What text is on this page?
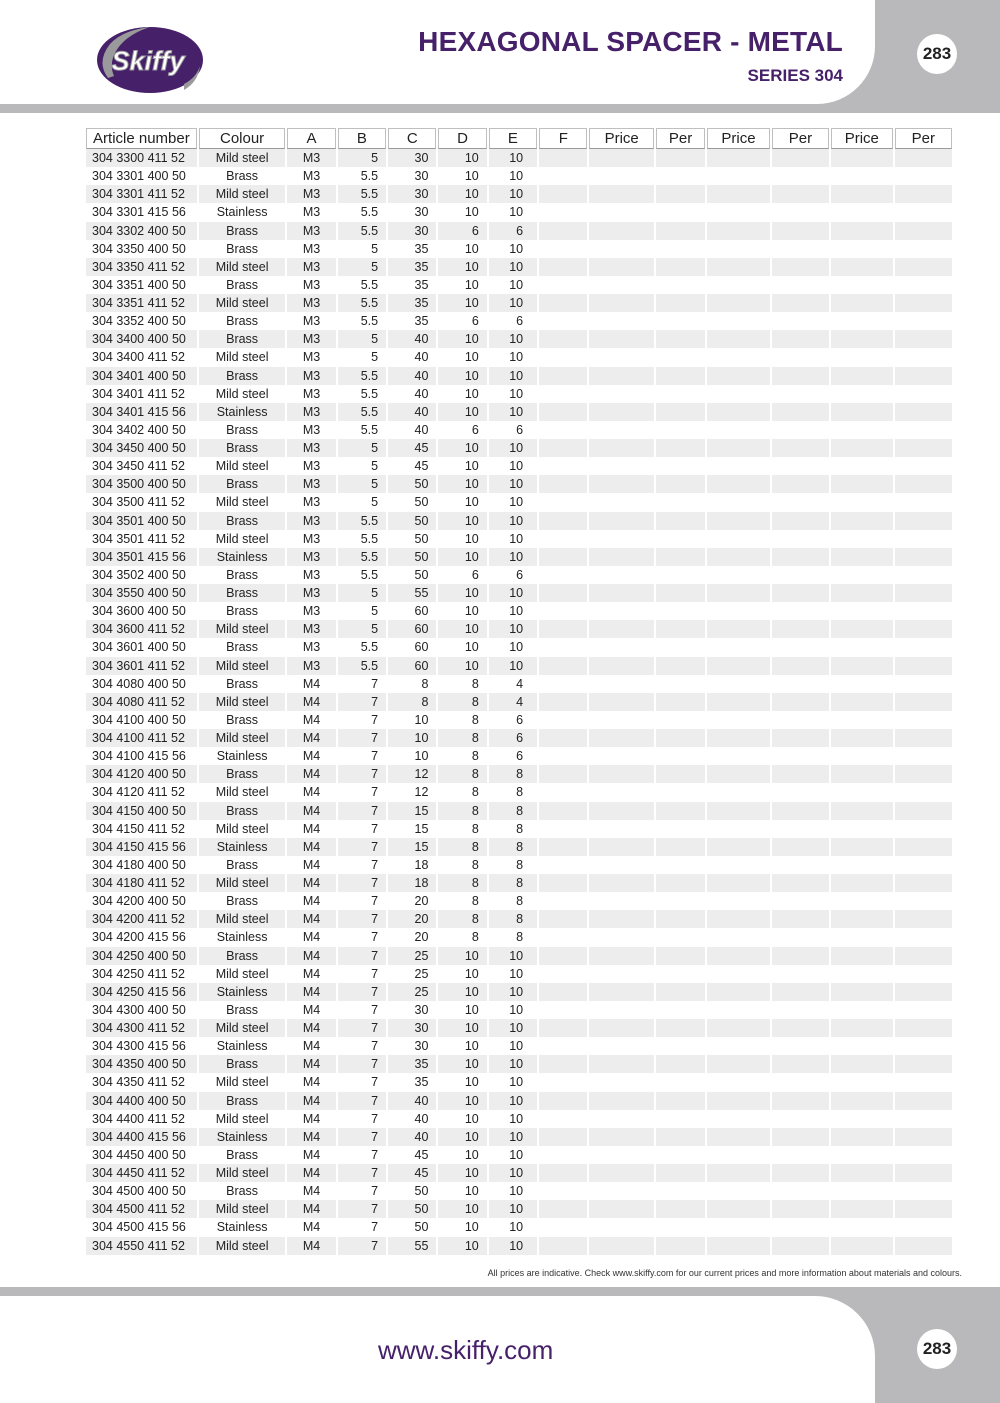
Skiffy
HEXAGONAL SPACER - METAL
SERIES 304
283
Article number	Colour	A	B	C	D	E	F	Price	Per	Price	Per	Price	Per
304 3300 411 52	Mild steel	M3	5	30	10	10							
304 3301 400 50	Brass	M3	5.5	30	10	10							
304 3301 411 52	Mild steel	M3	5.5	30	10	10							
304 3301 415 56	Stainless	M3	5.5	30	10	10							
304 3302 400 50	Brass	M3	5.5	30	6	6							
304 3350 400 50	Brass	M3	5	35	10	10							
304 3350 411 52	Mild steel	M3	5	35	10	10							
304 3351 400 50	Brass	M3	5.5	35	10	10							
304 3351 411 52	Mild steel	M3	5.5	35	10	10							
304 3352 400 50	Brass	M3	5.5	35	6	6							
304 3400 400 50	Brass	M3	5	40	10	10							
304 3400 411 52	Mild steel	M3	5	40	10	10							
304 3401 400 50	Brass	M3	5.5	40	10	10							
304 3401 411 52	Mild steel	M3	5.5	40	10	10							
304 3401 415 56	Stainless	M3	5.5	40	10	10							
304 3402 400 50	Brass	M3	5.5	40	6	6							
304 3450 400 50	Brass	M3	5	45	10	10							
304 3450 411 52	Mild steel	M3	5	45	10	10							
304 3500 400 50	Brass	M3	5	50	10	10							
304 3500 411 52	Mild steel	M3	5	50	10	10							
304 3501 400 50	Brass	M3	5.5	50	10	10							
304 3501 411 52	Mild steel	M3	5.5	50	10	10							
304 3501 415 56	Stainless	M3	5.5	50	10	10							
304 3502 400 50	Brass	M3	5.5	50	6	6							
304 3550 400 50	Brass	M3	5	55	10	10							
304 3600 400 50	Brass	M3	5	60	10	10							
304 3600 411 52	Mild steel	M3	5	60	10	10							
304 3601 400 50	Brass	M3	5.5	60	10	10							
304 3601 411 52	Mild steel	M3	5.5	60	10	10							
304 4080 400 50	Brass	M4	7	8	8	4							
304 4080 411 52	Mild steel	M4	7	8	8	4							
304 4100 400 50	Brass	M4	7	10	8	6							
304 4100 411 52	Mild steel	M4	7	10	8	6							
304 4100 415 56	Stainless	M4	7	10	8	6							
304 4120 400 50	Brass	M4	7	12	8	8							
304 4120 411 52	Mild steel	M4	7	12	8	8							
304 4150 400 50	Brass	M4	7	15	8	8							
304 4150 411 52	Mild steel	M4	7	15	8	8							
304 4150 415 56	Stainless	M4	7	15	8	8							
304 4180 400 50	Brass	M4	7	18	8	8							
304 4180 411 52	Mild steel	M4	7	18	8	8							
304 4200 400 50	Brass	M4	7	20	8	8							
304 4200 411 52	Mild steel	M4	7	20	8	8							
304 4200 415 56	Stainless	M4	7	20	8	8							
304 4250 400 50	Brass	M4	7	25	10	10							
304 4250 411 52	Mild steel	M4	7	25	10	10							
304 4250 415 56	Stainless	M4	7	25	10	10							
304 4300 400 50	Brass	M4	7	30	10	10							
304 4300 411 52	Mild steel	M4	7	30	10	10							
304 4300 415 56	Stainless	M4	7	30	10	10							
304 4350 400 50	Brass	M4	7	35	10	10							
304 4350 411 52	Mild steel	M4	7	35	10	10							
304 4400 400 50	Brass	M4	7	40	10	10							
304 4400 411 52	Mild steel	M4	7	40	10	10							
304 4400 415 56	Stainless	M4	7	40	10	10							
304 4450 400 50	Brass	M4	7	45	10	10							
304 4450 411 52	Mild steel	M4	7	45	10	10							
304 4500 400 50	Brass	M4	7	50	10	10							
304 4500 411 52	Mild steel	M4	7	50	10	10							
304 4500 415 56	Stainless	M4	7	50	10	10							
304 4550 411 52	Mild steel	M4	7	55	10	10							
All prices are indicative. Check www.skiffy.com for our current prices and more information about materials and colours.
www.skiffy.com	283
